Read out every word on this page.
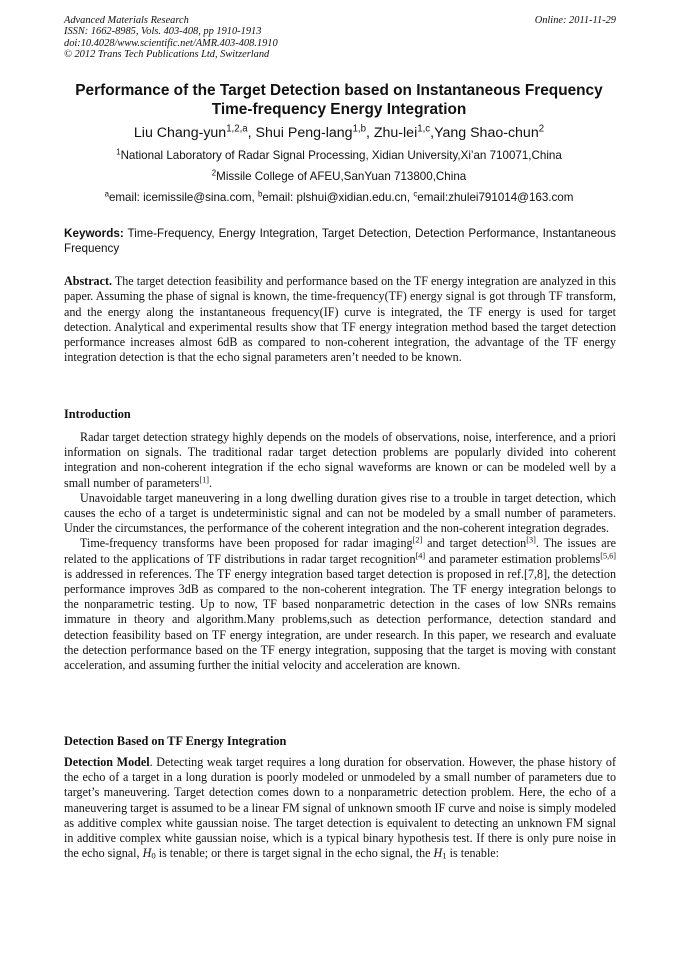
Advanced Materials Research
ISSN: 1662-8985, Vols. 403-408, pp 1910-1913
doi:10.4028/www.scientific.net/AMR.403-408.1910
© 2012 Trans Tech Publications Ltd, Switzerland
Online: 2011-11-29
Performance of the Target Detection based on Instantaneous Frequency
Time-frequency Energy Integration
Liu Chang-yun$^{1,2,a}$, Shui Peng-lang$^{1,b}$, Zhu-lei$^{1,c}$,Yang Shao-chun$^2$
$^1$National Laboratory of Radar Signal Processing, Xidian University,Xi’an 710071,China
$^2$Missile College of AFEU,SanYuan 713800,China
$^a$email: icemissile@sina.com, $^b$email: plshui@xidian.edu.cn, $^c$email:zhulei791014@163.com
Keywords: Time-Frequency, Energy Integration, Target Detection, Detection Performance, Instantaneous Frequency
Abstract. The target detection feasibility and performance based on the TF energy integration are analyzed in this paper. Assuming the phase of signal is known, the time-frequency(TF) energy signal is got through TF transform, and the energy along the instantaneous frequency(IF) curve is integrated, the TF energy is used for target detection. Analytical and experimental results show that TF energy integration method based the target detection performance increases almost 6dB as compared to non-coherent integration, the advantage of the TF energy integration detection is that the echo signal parameters aren’t needed to be known.
Introduction

Radar target detection strategy highly depends on the models of observations, noise, interference, and a priori information on signals. The traditional radar target detection problems are popularly divided into coherent integration and non-coherent integration if the echo signal waveforms are known or can be modeled well by a small number of parameters[1].

Unavoidable target maneuvering in a long dwelling duration gives rise to a trouble in target detection, which causes the echo of a target is undeterministic signal and can not be modeled by a small number of parameters. Under the circumstances, the performance of the coherent integration and the non-coherent integration degrades.

Time-frequency transforms have been proposed for radar imaging[2] and target detection[3]. The issues are related to the applications of TF distributions in radar target recognition[4] and parameter estimation problems[5,6] is addressed in references. The TF energy integration based target detection is proposed in ref.[7,8], the detection performance improves 3dB as compared to the non-coherent integration. The TF energy integration belongs to the nonparametric testing. Up to now, TF based nonparametric detection in the cases of low SNRs remains immature in theory and algorithm.Many problems,such as detection performance, detection standard and detection feasibility based on TF energy integration, are under research. In this paper, we research and evaluate the detection performance based on the TF energy integration, supposing that the target is moving with constant acceleration, and assuming further the initial velocity and acceleration are known.

Detection Based on TF Energy Integration

Detection Model. Detecting weak target requires a long duration for observation. However, the phase history of the echo of a target in a long duration is poorly modeled or unmodeled by a small number of parameters due to target’s maneuvering. Target detection comes down to a nonparametric detection problem. Here, the echo of a maneuvering target is assumed to be a linear FM signal of unknown smooth IF curve and noise is simply modeled as additive complex white gaussian noise. The target detection is equivalent to detecting an unknown FM signal in additive complex white gaussian noise, which is a typical binary hypothesis test. If there is only pure noise in the echo signal, $H_0$ is tenable; or there is target signal in the echo signal, the $H_1$ is tenable:
